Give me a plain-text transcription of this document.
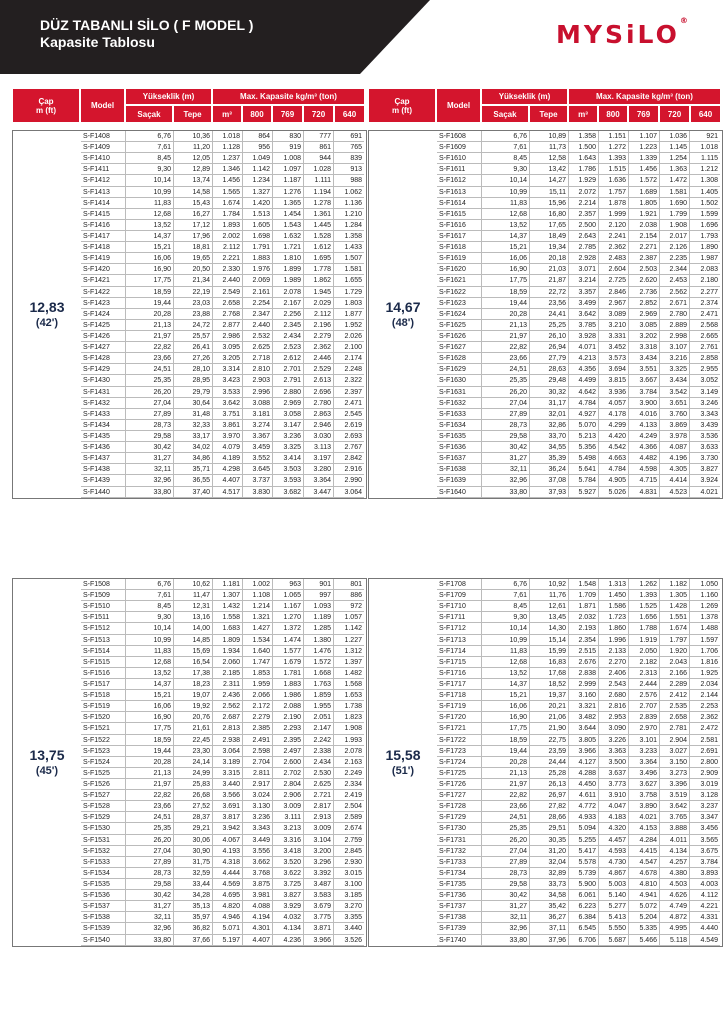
DÜZ TABANLI SİLO ( F MODEL )
Kapasite Tablosu	MYSiLO®
Çap
m (ft)	Model
Yükseklik (m)
Saçak	Tepe
Max. Kapasite kg/m³ (ton)
m³	800	769	720	640
12,83
(42')
S-F1408	6,76	10,36	1.018	864	830	777	691
S-F1409	7,61	11,20	1.128	956	919	861	765
S-F1410	8,45	12,05	1.237	1.049	1.008	944	839
S-F1411	9,30	12,89	1.346	1.142	1.097	1.028	913
S-F1412	10,14	13,74	1.456	1.234	1.187	1.111	988
S-F1413	10,99	14,58	1.565	1.327	1.276	1.194	1.062
S-F1414	11,83	15,43	1.674	1.420	1.365	1.278	1.136
S-F1415	12,68	16,27	1.784	1.513	1.454	1.361	1.210
S-F1416	13,52	17,12	1.893	1.605	1.543	1.445	1.284
S-F1417	14,37	17,96	2.002	1.698	1.632	1.528	1.358
S-F1418	15,21	18,81	2.112	1.791	1.721	1.612	1.433
S-F1419	16,06	19,65	2.221	1.883	1.810	1.695	1.507
S-F1420	16,90	20,50	2.330	1.976	1.899	1.778	1.581
S-F1421	17,75	21,34	2.440	2.069	1.989	1.862	1.655
S-F1422	18,59	22,19	2.549	2.161	2.078	1.945	1.729
S-F1423	19,44	23,03	2.658	2.254	2.167	2.029	1.803
S-F1424	20,28	23,88	2.768	2.347	2.256	2.112	1.877
S-F1425	21,13	24,72	2.877	2.440	2.345	2.196	1.952
S-F1426	21,97	25,57	2.986	2.532	2.434	2.279	2.026
S-F1427	22,82	26,41	3.095	2.625	2.523	2.362	2.100
S-F1428	23,66	27,26	3.205	2.718	2.612	2.446	2.174
S-F1429	24,51	28,10	3.314	2.810	2.701	2.529	2.248
S-F1430	25,35	28,95	3.423	2.903	2.791	2.613	2.322
S-F1431	26,20	29,79	3.533	2.996	2.880	2.696	2.397
S-F1432	27,04	30,64	3.642	3.088	2.969	2.780	2.471
S-F1433	27,89	31,48	3.751	3.181	3.058	2.863	2.545
S-F1434	28,73	32,33	3.861	3.274	3.147	2.946	2.619
S-F1435	29,58	33,17	3.970	3.367	3.236	3.030	2.693
S-F1436	30,42	34,02	4.079	3.459	3.325	3.113	2.767
S-F1437	31,27	34,86	4.189	3.552	3.414	3.197	2.842
S-F1438	32,11	35,71	4.298	3.645	3.503	3.280	2.916
S-F1439	32,96	36,55	4.407	3.737	3.593	3.364	2.990
S-F1440	33,80	37,40	4.517	3.830	3.682	3.447	3.064
Çap
m (ft)	Model
Yükseklik (m)
Saçak	Tepe
Max. Kapasite kg/m³ (ton)
m³	800	769	720	640
14,67
(48')
S-F1608	6,76	10,89	1.358	1.151	1.107	1.036	921
S-F1609	7,61	11,73	1.500	1.272	1.223	1.145	1.018
S-F1610	8,45	12,58	1.643	1.393	1.339	1.254	1.115
S-F1611	9,30	13,42	1.786	1.515	1.456	1.363	1.212
S-F1612	10,14	14,27	1.929	1.636	1.572	1.472	1.308
S-F1613	10,99	15,11	2.072	1.757	1.689	1.581	1.405
S-F1614	11,83	15,96	2.214	1.878	1.805	1.690	1.502
S-F1615	12,68	16,80	2.357	1.999	1.921	1.799	1.599
S-F1616	13,52	17,65	2.500	2.120	2.038	1.908	1.696
S-F1617	14,37	18,49	2.643	2.241	2.154	2.017	1.793
S-F1618	15,21	19,34	2.785	2.362	2.271	2.126	1.890
S-F1619	16,06	20,18	2.928	2.483	2.387	2.235	1.987
S-F1620	16,90	21,03	3.071	2.604	2.503	2.344	2.083
S-F1621	17,75	21,87	3.214	2.725	2.620	2.453	2.180
S-F1622	18,59	22,72	3.357	2.846	2.736	2.562	2.277
S-F1623	19,44	23,56	3.499	2.967	2.852	2.671	2.374
S-F1624	20,28	24,41	3.642	3.089	2.969	2.780	2.471
S-F1625	21,13	25,25	3.785	3.210	3.085	2.889	2.568
S-F1626	21,97	26,10	3.928	3.331	3.202	2.998	2.665
S-F1627	22,82	26,94	4.071	3.452	3.318	3.107	2.761
S-F1628	23,66	27,79	4.213	3.573	3.434	3.216	2.858
S-F1629	24,51	28,63	4.356	3.694	3.551	3.325	2.955
S-F1630	25,35	29,48	4.499	3.815	3.667	3.434	3.052
S-F1631	26,20	30,32	4.642	3.936	3.784	3.542	3.149
S-F1632	27,04	31,17	4.784	4.057	3.900	3.651	3.246
S-F1633	27,89	32,01	4.927	4.178	4.016	3.760	3.343
S-F1634	28,73	32,86	5.070	4.299	4.133	3.869	3.439
S-F1635	29,58	33,70	5.213	4.420	4.249	3.978	3.536
S-F1636	30,42	34,55	5.356	4.542	4.366	4.087	3.633
S-F1637	31,27	35,39	5.498	4.663	4.482	4.196	3.730
S-F1638	32,11	36,24	5.641	4.784	4.598	4.305	3.827
S-F1639	32,96	37,08	5.784	4.905	4.715	4.414	3.924
S-F1640	33,80	37,93	5.927	5.026	4.831	4.523	4.021
13,75
(45')
S-F1508	6,76	10,62	1.181	1.002	963	901	801
S-F1509	7,61	11,47	1.307	1.108	1.065	997	886
S-F1510	8,45	12,31	1.432	1.214	1.167	1.093	972
S-F1511	9,30	13,16	1.558	1.321	1.270	1.189	1.057
S-F1512	10,14	14,00	1.683	1.427	1.372	1.285	1.142
S-F1513	10,99	14,85	1.809	1.534	1.474	1.380	1.227
S-F1514	11,83	15,69	1.934	1.640	1.577	1.476	1.312
S-F1515	12,68	16,54	2.060	1.747	1.679	1.572	1.397
S-F1516	13,52	17,38	2.185	1.853	1.781	1.668	1.482
S-F1517	14,37	18,23	2.311	1.959	1.883	1.763	1.568
S-F1518	15,21	19,07	2.436	2.066	1.986	1.859	1.653
S-F1519	16,06	19,92	2.562	2.172	2.088	1.955	1.738
S-F1520	16,90	20,76	2.687	2.279	2.190	2.051	1.823
S-F1521	17,75	21,61	2.813	2.385	2.293	2.147	1.908
S-F1522	18,59	22,45	2.938	2.491	2.395	2.242	1.993
S-F1523	19,44	23,30	3.064	2.598	2.497	2.338	2.078
S-F1524	20,28	24,14	3.189	2.704	2.600	2.434	2.163
S-F1525	21,13	24,99	3.315	2.811	2.702	2.530	2.249
S-F1526	21,97	25,83	3.440	2.917	2.804	2.625	2.334
S-F1527	22,82	26,68	3.566	3.024	2.906	2.721	2.419
S-F1528	23,66	27,52	3.691	3.130	3.009	2.817	2.504
S-F1529	24,51	28,37	3.817	3.236	3.111	2.913	2.589
S-F1530	25,35	29,21	3.942	3.343	3.213	3.009	2.674
S-F1531	26,20	30,06	4.067	3.449	3.316	3.104	2.759
S-F1532	27,04	30,90	4.193	3.556	3.418	3.200	2.845
S-F1533	27,89	31,75	4.318	3.662	3.520	3.296	2.930
S-F1534	28,73	32,59	4.444	3.768	3.622	3.392	3.015
S-F1535	29,58	33,44	4.569	3.875	3.725	3.487	3.100
S-F1536	30,42	34,28	4.695	3.981	3.827	3.583	3.185
S-F1537	31,27	35,13	4.820	4.088	3.929	3.679	3.270
S-F1538	32,11	35,97	4.946	4.194	4.032	3.775	3.355
S-F1539	32,96	36,82	5.071	4.301	4.134	3.871	3.440
S-F1540	33,80	37,66	5.197	4.407	4.236	3.966	3.526
15,58
(51')
S-F1708	6,76	10,92	1.548	1.313	1.262	1.182	1.050
S-F1709	7,61	11,76	1.709	1.450	1.393	1.305	1.160
S-F1710	8,45	12,61	1.871	1.586	1.525	1.428	1.269
S-F1711	9,30	13,45	2.032	1.723	1.656	1.551	1.378
S-F1712	10,14	14,30	2.193	1.860	1.788	1.674	1.488
S-F1713	10,99	15,14	2.354	1.996	1.919	1.797	1.597
S-F1714	11,83	15,99	2.515	2.133	2.050	1.920	1.706
S-F1715	12,68	16,83	2.676	2.270	2.182	2.043	1.816
S-F1716	13,52	17,68	2.838	2.406	2.313	2.166	1.925
S-F1717	14,37	18,52	2.999	2.543	2.444	2.289	2.034
S-F1718	15,21	19,37	3.160	2.680	2.576	2.412	2.144
S-F1719	16,06	20,21	3.321	2.816	2.707	2.535	2.253
S-F1720	16,90	21,06	3.482	2.953	2.839	2.658	2.362
S-F1721	17,75	21,90	3.644	3.090	2.970	2.781	2.472
S-F1722	18,59	22,75	3.805	3.226	3.101	2.904	2.581
S-F1723	19,44	23,59	3.966	3.363	3.233	3.027	2.691
S-F1724	20,28	24,44	4.127	3.500	3.364	3.150	2.800
S-F1725	21,13	25,28	4.288	3.637	3.496	3.273	2.909
S-F1726	21,97	26,13	4.450	3.773	3.627	3.396	3.019
S-F1727	22,82	26,97	4.611	3.910	3.758	3.519	3.128
S-F1728	23,66	27,82	4.772	4.047	3.890	3.642	3.237
S-F1729	24,51	28,66	4.933	4.183	4.021	3.765	3.347
S-F1730	25,35	29,51	5.094	4.320	4.153	3.888	3.456
S-F1731	26,20	30,35	5.255	4.457	4.284	4.011	3.565
S-F1732	27,04	31,20	5.417	4.593	4.415	4.134	3.675
S-F1733	27,89	32,04	5.578	4.730	4.547	4.257	3.784
S-F1734	28,73	32,89	5.739	4.867	4.678	4.380	3.893
S-F1735	29,58	33,73	5.900	5.003	4.810	4.503	4.003
S-F1736	30,42	34,58	6.061	5.140	4.941	4.626	4.112
S-F1737	31,27	35,42	6.223	5.277	5.072	4.749	4.221
S-F1738	32,11	36,27	6.384	5.413	5.204	4.872	4.331
S-F1739	32,96	37,11	6.545	5.550	5.335	4.995	4.440
S-F1740	33,80	37,96	6.706	5.687	5.466	5.118	4.549
